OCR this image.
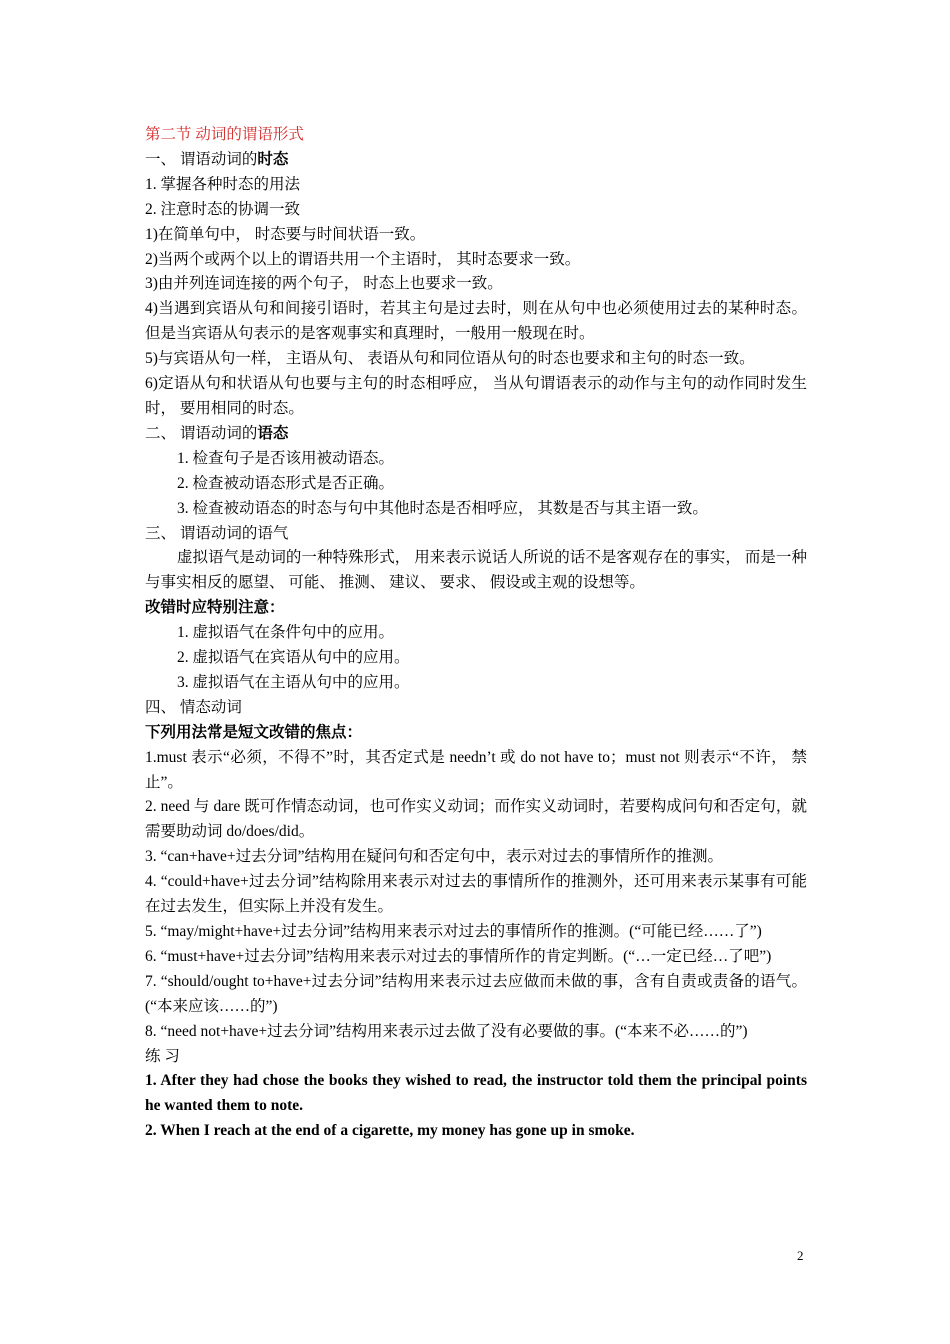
第二节 动词的谓语形式

一、 谓语动词的时态

1. 掌握各种时态的用法

2. 注意时态的协调一致

1)在简单句中， 时态要与时间状语一致。

2)当两个或两个以上的谓语共用一个主语时， 其时态要求一致。

3)由并列连词连接的两个句子， 时态上也要求一致。

4)当遇到宾语从句和间接引语时，若其主句是过去时，则在从句中也必须使用过去的某种时态。但是当宾语从句表示的是客观事实和真理时，一般用一般现在时。

5)与宾语从句一样， 主语从句、 表语从句和同位语从句的时态也要求和主句的时态一致。

6)定语从句和状语从句也要与主句的时态相呼应， 当从句谓语表示的动作与主句的动作同时发生时， 要用相同的时态。

二、 谓语动词的语态

1. 检查句子是否该用被动语态。

2. 检查被动语态形式是否正确。

3. 检查被动语态的时态与句中其他时态是否相呼应， 其数是否与其主语一致。

三、 谓语动词的语气

虚拟语气是动词的一种特殊形式， 用来表示说话人所说的话不是客观存在的事实， 而是一种与事实相反的愿望、 可能、 推测、 建议、 要求、 假设或主观的设想等。

改错时应特别注意：

1. 虚拟语气在条件句中的应用。

2. 虚拟语气在宾语从句中的应用。

3. 虚拟语气在主语从句中的应用。

四、 情态动词

下列用法常是短文改错的焦点：

1.must 表示“必须，不得不”时，其否定式是 needn’t 或 do not have to；must not 则表示“不许， 禁止”。

2. need 与 dare 既可作情态动词，也可作实义动词；而作实义动词时，若要构成问句和否定句，就需要助动词 do/does/did。

3. “can+have+过去分词”结构用在疑问句和否定句中，表示对过去的事情所作的推测。

4. “could+have+过去分词”结构除用来表示对过去的事情所作的推测外，还可用来表示某事有可能在过去发生，但实际上并没有发生。

5. “may/might+have+过去分词”结构用来表示对过去的事情所作的推测。(“可能已经……了”)

6. “must+have+过去分词”结构用来表示对过去的事情所作的肯定判断。(“…一定已经…了吧”)

7. “should/ought to+have+过去分词”结构用来表示过去应做而未做的事，含有自责或责备的语气。(“本来应该……的”)

8. “need not+have+过去分词”结构用来表示过去做了没有必要做的事。(“本来不必……的”)

练 习

1. After they had chose the books they wished to read, the instructor told them the principal points he wanted them to note.

2. When I reach at the end of a cigarette, my money has gone up in smoke.

2
